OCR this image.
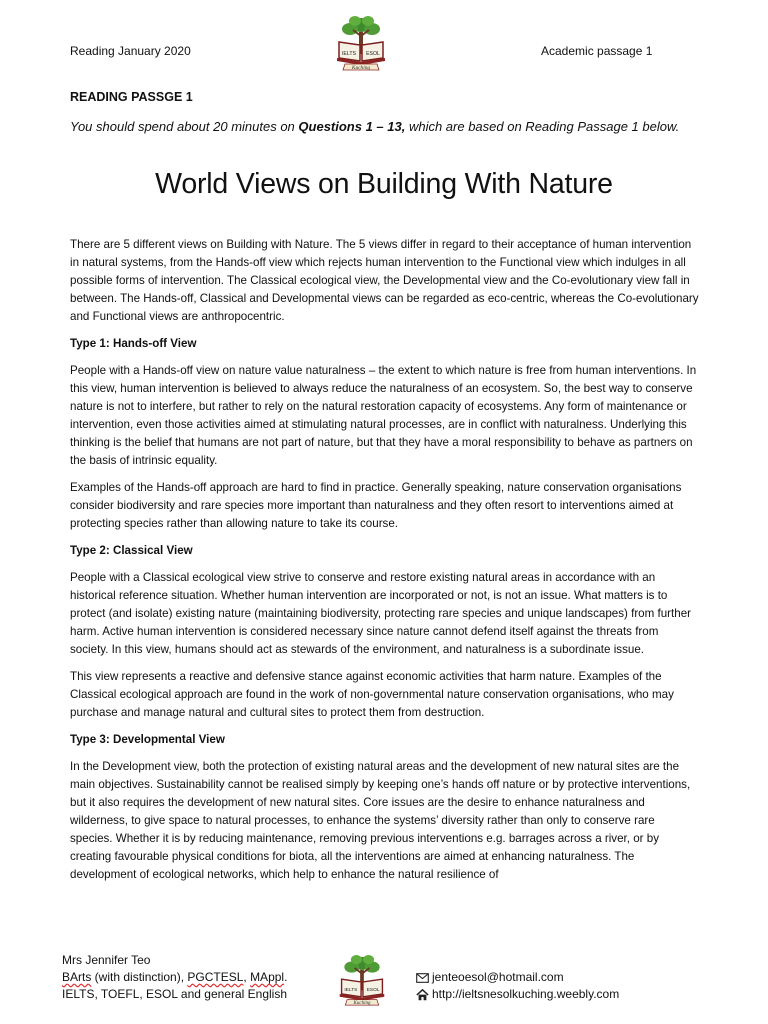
Reading January 2020	IELTS ESOL
Kuching
Academic passage 1
READING PASSGE 1
You should spend about 20 minutes on Questions 1 – 13, which are based on Reading Passage 1 below.
World Views on Building With Nature

There are 5 different views on Building with Nature. The 5 views differ in regard to their acceptance of human intervention in natural systems, from the Hands-off view which rejects human intervention to the Functional view which indulges in all possible forms of intervention. The Classical ecological view, the Developmental view and the Co-evolutionary view fall in between. The Hands-off, Classical and Developmental views can be regarded as eco-centric, whereas the Co-evolutionary and Functional views are anthropocentric.

Type 1: Hands-off View

People with a Hands-off view on nature value naturalness – the extent to which nature is free from human interventions. In this view, human intervention is believed to always reduce the naturalness of an ecosystem. So, the best way to conserve nature is not to interfere, but rather to rely on the natural restoration capacity of ecosystems. Any form of maintenance or intervention, even those activities aimed at stimulating natural processes, are in conflict with naturalness. Underlying this thinking is the belief that humans are not part of nature, but that they have a moral responsibility to behave as partners on the basis of intrinsic equality.

Examples of the Hands-off approach are hard to find in practice. Generally speaking, nature conservation organisations consider biodiversity and rare species more important than naturalness and they often resort to interventions aimed at protecting species rather than allowing nature to take its course.

Type 2: Classical View

People with a Classical ecological view strive to conserve and restore existing natural areas in accordance with an historical reference situation. Whether human intervention are incorporated or not, is not an issue. What matters is to protect (and isolate) existing nature (maintaining biodiversity, protecting rare species and unique landscapes) from further harm. Active human intervention is considered necessary since nature cannot defend itself against the threats from society. In this view, humans should act as stewards of the environment, and naturalness is a subordinate issue.

This view represents a reactive and defensive stance against economic activities that harm nature. Examples of the Classical ecological approach are found in the work of non-governmental nature conservation organisations, who may purchase and manage natural and cultural sites to protect them from destruction.

Type 3: Developmental View

In the Development view, both the protection of existing natural areas and the development of new natural sites are the main objectives. Sustainability cannot be realised simply by keeping one’s hands off nature or by protective interventions, but it also requires the development of new natural sites. Core issues are the desire to enhance naturalness and wilderness, to give space to natural processes, to enhance the systems’ diversity rather than only to conserve rare species. Whether it is by reducing maintenance, removing previous interventions e.g. barrages across a river, or by creating favourable physical conditions for biota, all the interventions are aimed at enhancing naturalness. The development of ecological networks, which help to enhance the natural resilience of

Mrs Jennifer Teo
BArts (with distinction), PGCTESL, MAppl.
IELTS, TOEFL, ESOL and general English	IELTS ESOL
Kuching
jenteoesol@hotmail.com
http://ieltsnesolkuching.weebly.com
